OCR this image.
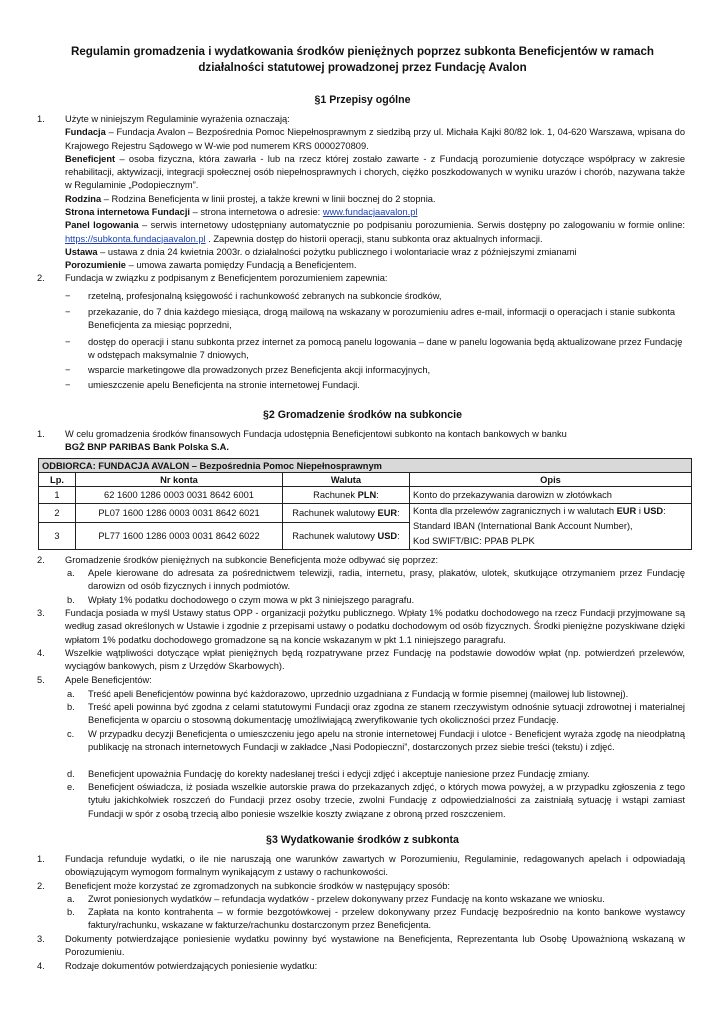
Regulamin gromadzenia i wydatkowania środków pieniężnych poprzez subkonta Beneficjentów w ramach działalności statutowej prowadzonej przez Fundację Avalon
§1 Przepisy ogólne
1. Użyte w niniejszym Regulaminie wyrażenia oznaczają:
Fundacja – Fundacja Avalon – Bezpośrednia Pomoc Niepełnosprawnym z siedzibą przy ul. Michała Kajki 80/82 lok. 1, 04-620 Warszawa, wpisana do Krajowego Rejestru Sądowego w W-wie pod numerem KRS 0000270809.
Beneficjent – osoba fizyczna, która zawarła - lub na rzecz której zostało zawarte - z Fundacją porozumienie dotyczące współpracy w zakresie rehabilitacji, aktywizacji, integracji społecznej osób niepełnosprawnych i chorych, ciężko poszkodowanych w wyniku urazów i chorób, nazywana także w Regulaminie „Podopiecznym”.
Rodzina – Rodzina Beneficjenta w linii prostej, a także krewni w linii bocznej do 2 stopnia.
Strona internetowa Fundacji – strona internetowa o adresie: www.fundacjaavalon.pl
Panel logowania – serwis internetowy udostępniany automatycznie po podpisaniu porozumienia. Serwis dostępny po zalogowaniu w formie online: https://subkonta.fundacjaavalon.pl . Zapewnia dostęp do historii operacji, stanu subkonta oraz aktualnych informacji.
Ustawa – ustawa z dnia 24 kwietnia 2003r. o działalności pożytku publicznego i wolontariacie wraz z późniejszymi zmianami
Porozumienie – umowa zawarta pomiędzy Fundacją a Beneficjentem.
2. Fundacja w związku z podpisanym z Beneficjentem porozumieniem zapewnia:
− rzetelną, profesjonalną księgowość i rachunkowość zebranych na subkoncie środków,
− przekazanie, do 7 dnia każdego miesiąca, drogą mailową na wskazany w porozumieniu adres e-mail, informacji o operacjach i stanie subkonta Beneficjenta za miesiąc poprzedni,
− dostęp do operacji i stanu subkonta przez internet za pomocą panelu logowania – dane w panelu logowania będą aktualizowane przez Fundację w odstępach maksymalnie 7 dniowych,
− wsparcie marketingowe dla prowadzonych przez Beneficjenta akcji informacyjnych,
− umieszczenie apelu Beneficjenta na stronie internetowej Fundacji.
§2 Gromadzenie środków na subkoncie
1. W celu gromadzenia środków finansowych Fundacja udostępnia Beneficjentowi subkonto na kontach bankowych w banku
BGŻ BNP PARIBAS Bank Polska S.A.
ODBIORCA: FUNDACJA AVALON – Bezpośrednia Pomoc Niepełnosprawnym			
Lp.	Nr konta	Waluta	Opis
1	62 1600 1286 0003 0031 8642 6001	Rachunek PLN:	Konto do przekazywania darowizn w złotówkach
2	PL07 1600 1286 0003 0031 8642 6021	Rachunek walutowy EUR:	Konta dla przelewów zagranicznych i w walutach EUR i USD:
Standard IBAN (International Bank Account Number),
Kod SWIFT/BIC: PPAB PLPK

3	PL77 1600 1286 0003 0031 8642 6022	Rachunek walutowy USD:	
2. Gromadzenie środków pieniężnych na subkoncie Beneficjenta może odbywać się poprzez:
a. Apele kierowane do adresata za pośrednictwem telewizji, radia, internetu, prasy, plakatów, ulotek, skutkujące otrzymaniem przez Fundację darowizn od osób fizycznych i innych podmiotów.
b. Wpłaty 1% podatku dochodowego o czym mowa w pkt 3 niniejszego paragrafu.
3. Fundacja posiada w myśl Ustawy status OPP - organizacji pożytku publicznego. Wpłaty 1% podatku dochodowego na rzecz Fundacji przyjmowane są według zasad określonych w Ustawie i zgodnie z przepisami ustawy o podatku dochodowym od osób fizycznych. Środki pieniężne pozyskiwane dzięki wpłatom 1% podatku dochodowego gromadzone są na koncie wskazanym w pkt 1.1 niniejszego paragrafu.
4. Wszelkie wątpliwości dotyczące wpłat pieniężnych będą rozpatrywane przez Fundację na podstawie dowodów wpłat (np. potwierdzeń przelewów, wyciągów bankowych, pism z Urzędów Skarbowych).
5. Apele Beneficjentów:
a. Treść apeli Beneficjentów powinna być każdorazowo, uprzednio uzgadniana z Fundacją w formie pisemnej (mailowej lub listownej).
b. Treść apeli powinna być zgodna z celami statutowymi Fundacji oraz zgodna ze stanem rzeczywistym odnośnie sytuacji zdrowotnej i materialnej Beneficjenta w oparciu o stosowną dokumentację umożliwiającą zweryfikowanie tych okoliczności przez Fundację.
c. W przypadku decyzji Beneficjenta o umieszczeniu jego apelu na stronie internetowej Fundacji i ulotce - Beneficjent wyraża zgodę na nieodpłatną publikację na stronach internetowych Fundacji w zakładce „Nasi Podopieczni”, dostarczonych przez siebie treści (tekstu) i zdjęć.
d. Beneficjent upoważnia Fundację do korekty nadesłanej treści i edycji zdjęć i akceptuje naniesione przez Fundację zmiany.
e. Beneficjent oświadcza, iż posiada wszelkie autorskie prawa do przekazanych zdjęć, o których mowa powyżej, a w przypadku zgłoszenia z tego tytułu jakichkolwiek roszczeń do Fundacji przez osoby trzecie, zwolni Fundację z odpowiedzialności za zaistniałą sytuację i wstąpi zamiast Fundacji w spór z osobą trzecią albo poniesie wszelkie koszty związane z obroną przed roszczeniem.
§3 Wydatkowanie środków z subkonta
1. Fundacja refunduje wydatki, o ile nie naruszają one warunków zawartych w Porozumieniu, Regulaminie, redagowanych apelach i odpowiadają obowiązującym wymogom formalnym wynikającym z ustawy o rachunkowości.
2. Beneficjent może korzystać ze zgromadzonych na subkoncie środków w następujący sposób:
a. Zwrot poniesionych wydatków – refundacja wydatków - przelew dokonywany przez Fundację na konto wskazane we wniosku.
b. Zapłata na konto kontrahenta – w formie bezgotówkowej - przelew dokonywany przez Fundację bezpośrednio na konto bankowe wystawcy faktury/rachunku, wskazane w fakturze/rachunku dostarczonym przez Beneficjenta.
3. Dokumenty potwierdzające poniesienie wydatku powinny być wystawione na Beneficjenta, Reprezentanta lub Osobę Upoważnioną wskazaną w Porozumieniu.
4. Rodzaje dokumentów potwierdzających poniesienie wydatku:
